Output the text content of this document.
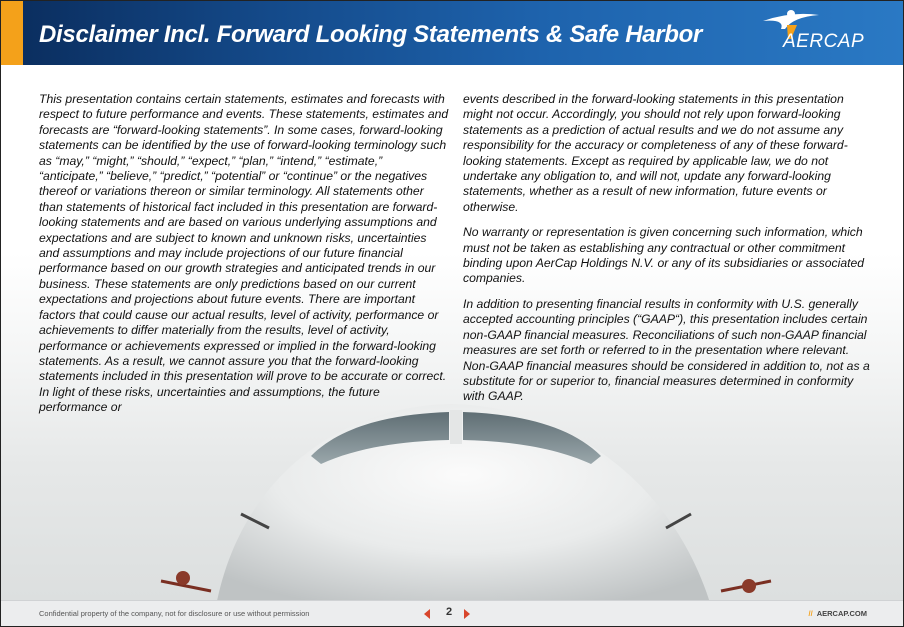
Disclaimer Incl. Forward Looking Statements & Safe Harbor	AERCAP

This presentation contains certain statements, estimates and forecasts with respect to future performance and events. These statements, estimates and forecasts are “forward-looking statements”. In some cases, forward-looking statements can be identified by the use of forward-looking terminology such as “may,” “might,” “should,” “expect,” “plan,” “intend,” “estimate,” “anticipate,” “believe,” “predict,” “potential” or “continue” or the negatives thereof or variations thereon or similar terminology. All statements other than statements of historical fact included in this presentation are forward-looking statements and are based on various underlying assumptions and expectations and are subject to known and unknown risks, uncertainties and assumptions and may include projections of our future financial performance based on our growth strategies and anticipated trends in our business. These statements are only predictions based on our current expectations and projections about future events. There are important factors that could cause our actual results, level of activity, performance or achievements to differ materially from the results, level of activity, performance or achievements expressed or implied in the forward-looking statements. As a result, we cannot assure you that the forward-looking statements included in this presentation will prove to be accurate or correct. In light of these risks, uncertainties and assumptions, the future performance or

events described in the forward-looking statements in this presentation might not occur. Accordingly, you should not rely upon forward-looking statements as a prediction of actual results and we do not assume any responsibility for the accuracy or completeness of any of these forward-looking statements. Except as required by applicable law, we do not undertake any obligation to, and will not, update any forward-looking statements, whether as a result of new information, future events or otherwise.

No warranty or representation is given concerning such information, which must not be taken as establishing any contractual or other commitment binding upon AerCap Holdings N.V. or any of its subsidiaries or associated companies.

In addition to presenting financial results in conformity with U.S. generally accepted accounting principles (“GAAP“), this presentation includes certain non-GAAP financial measures. Reconciliations of such non-GAAP financial measures are set forth or referred to in the presentation where relevant. Non-GAAP financial measures should be considered in addition to, not as a substitute for or superior to, financial measures determined in conformity with GAAP.

Confidential property of the company, not for disclosure or use without permission	2	// AERCAP.COM
